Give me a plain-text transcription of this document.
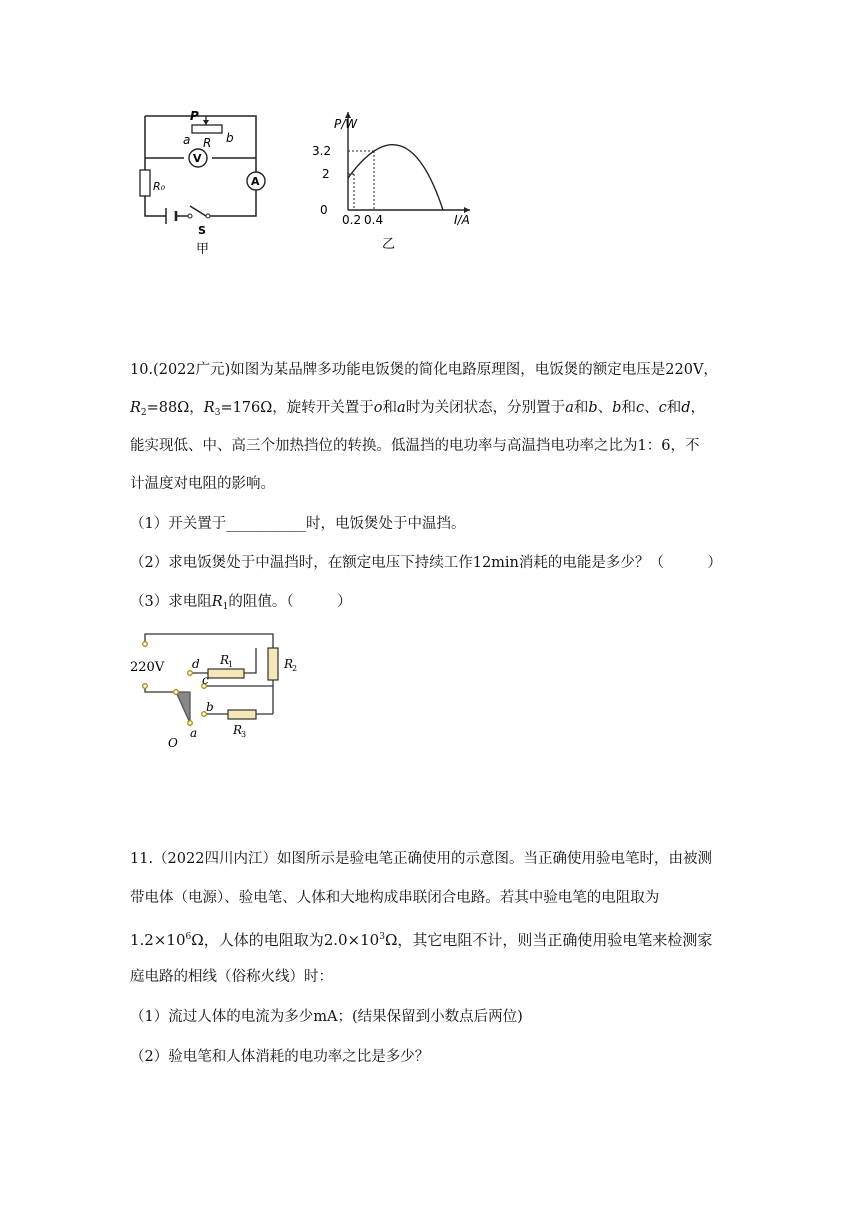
P
a R b
V
A
R₀
S
甲
P/W
3.2
2
0
0.2 0.4	I/A
乙
10.(2022广元)如图为某品牌多功能电饭煲的简化电路原理图，电饭煲的额定电压是220V，
$R_2=88\Omega$，$R_3=176\Omega$，旋转开关置于o和a时为关闭状态，分别置于a和b、b和c、c和d，
能实现低、中、高三个加热挡位的转换。低温挡的电功率与高温挡电功率之比为1：6，不
计温度对电阻的影响。
（1）开关置于___________时，电饭煲处于中温挡。
（2）求电饭煲处于中温挡时，在额定电压下持续工作12min消耗的电能是多少？（　　　）
（3）求电阻$R_1$的阻值。（　　　）
220V d
c
b
a
O
R
1	R
2
R
3
11.（2022四川内江）如图所示是验电笔正确使用的示意图。当正确使用验电笔时，由被测
带电体（电源）、验电笔、人体和大地构成串联闭合电路。若其中验电笔的电阻取为
$1.2\times 10^6\Omega$，人体的电阻取为$2.0\times 10^3\Omega$，其它电阻不计，则当正确使用验电笔来检测家
庭电路的相线（俗称火线）时：
（1）流过人体的电流为多少mA；(结果保留到小数点后两位)
（2）验电笔和人体消耗的电功率之比是多少？
